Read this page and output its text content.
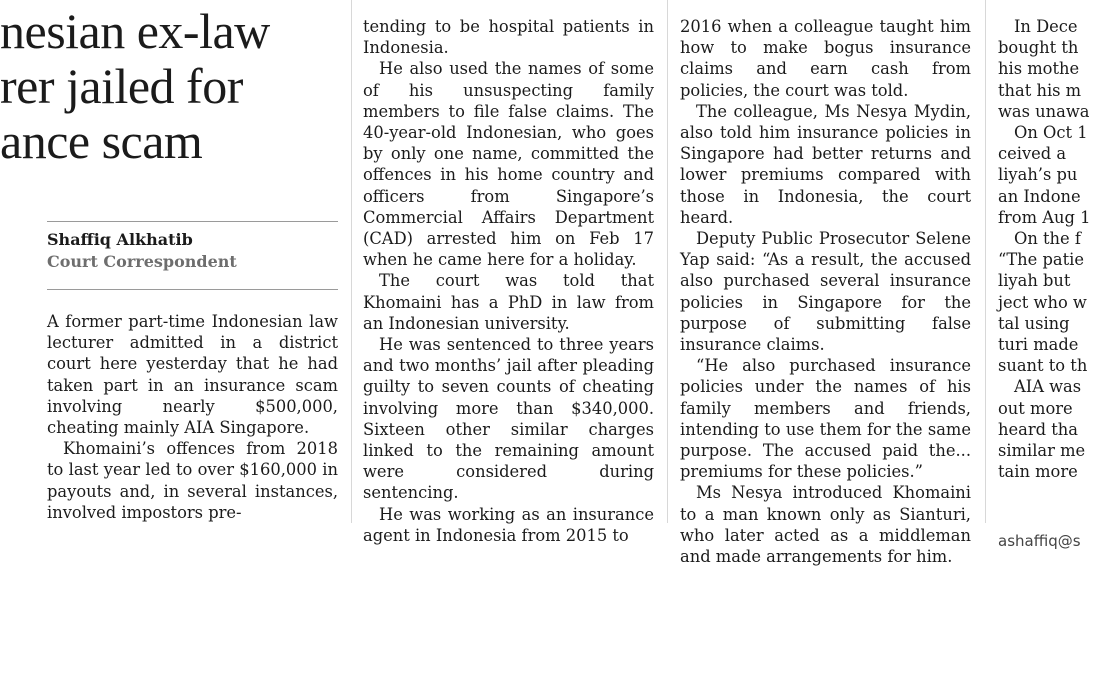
nesian ex-law
rer jailed for
ance scam
Shaffiq Alkhatib
Court Correspondent

A former part-time Indonesian law lecturer admitted in a district court here yesterday that he had taken part in an insurance scam involving nearly $500,000, cheating mainly AIA Singapore.

Khomaini’s offences from 2018 to last year led to over $160,000 in payouts and, in several instances, involved impostors pre-

tending to be hospital patients in Indonesia.

He also used the names of some of his unsuspecting family members to file false claims. The 40-year-old Indonesian, who goes by only one name, committed the offences in his home country and officers from Singapore’s Commercial Affairs Department (CAD) arrested him on Feb 17 when he came here for a holiday.

The court was told that Khomaini has a PhD in law from an Indonesian university.

He was sentenced to three years and two months’ jail after pleading guilty to seven counts of cheating involving more than $340,000. Sixteen other similar charges linked to the remaining amount were considered during sentencing.

He was working as an insurance agent in Indonesia from 2015 to

2016 when a colleague taught him how to make bogus insurance claims and earn cash from policies, the court was told.

The colleague, Ms Nesya Mydin, also told him insurance policies in Singapore had better returns and lower premiums compared with those in Indonesia, the court heard.

Deputy Public Prosecutor Selene Yap said: “As a result, the accused also purchased several insurance policies in Singapore for the purpose of submitting false insurance claims.

“He also purchased insurance policies under the names of his family members and friends, intending to use them for the same purpose. The accused paid the... premiums for these policies.”

Ms Nesya introduced Khomaini to a man known only as Sianturi, who later acted as a middleman and made arrangements for him.

In Dece

bought th

his mothe

that his m

was unawa

On Oct 1

ceived a

liyah’s pu

an Indone

from Aug 1

On the f

“The patie

liyah but

ject who w

tal using

turi made

suant to th

AIA was

out more

heard tha

similar me

tain more

ashaffiq@s
